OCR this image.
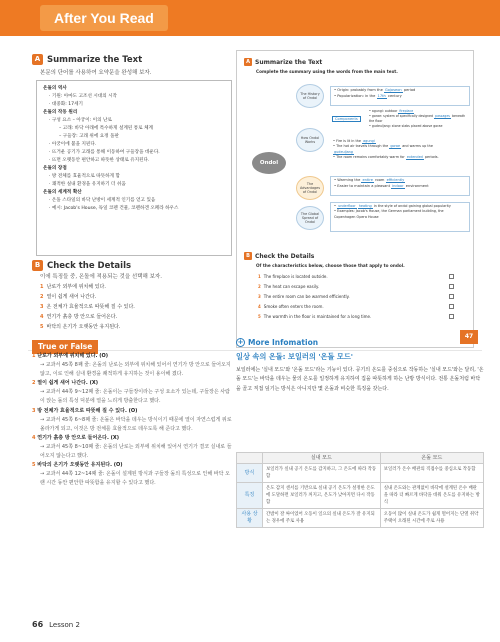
After You Read
A Summarize the Text
본문의 단어를 사용하여 요약문을 완성해 보자.
온돌의 역사
· 기원: 아마도 고조선 시대의 시작
· 대중화: 17세기
온돌의 작동 원리
· 구성 요소 – 아궁이: 이의 난로
– 고래: 바닥 아래에 특수하게 설계된 통로 체계
– 구들장: 고래 위에 요정 돌판
· 아궁이에 불을 지핀다.
· 뜨거운 공기가 고래를 통해 이동하여 구들장을 데운다.
· 뜨면 오랫동안 편안하고 따뜻한 상태로 유지된다.
온돌의 장점
· 방 전체를 효율적으로 따뜻하게 함
· 쾌적한 실내 환경을 유지하기 더 쉬움
온돌의 세계적 확산
· 온돌 스타일의 바닥 난방이 세계적 인기를 얻고 있음
· 예시: Jacob's House, 독일 코펜 건물, 코펜하겐 오페라 하우스
B Check the Details
이에 특징들 중, 온돌에 적용되는 것을 선택해 보자.
1 난로가 외부에 위치해 있다.
2 열이 쉽게 새어 나간다.
3 온 전체가 효율적으로 따뜻해 질 수 있다.
4 연기가 흙층 방 안으로 들어온다.
5 바닥의 온기가 오랫동안 유지된다.
A Summarize the Text
Complete the summary using the words from the main text.
Ondol
The History of Ondol
How Ondol Works
The Advantages of Ondol
The Global Spread of Ondol
• Origin: probably from the Gojoseon period
• Popularization: in the 17th century
Components
• agungi: outdoor fireplace
• gorae: system of specifically designed passages beneath the floor
• gudeuljang: stone slabs placed above gorae
• Fire is lit in the agungi
• The hot air travels through the gorae and warms up the
gudeuljang
• The room remains comfortably warm for extended periods.
• Warming the entire room efficiently
• Easier to maintain a pleasant indoor environment
• underfloor heating in the style of ondol gaining global popularity
• Examples: Jacob's House, the German parliament building, the Copenhagen Opera House
B Check the Details
Of the characteristics below, choose those that apply to ondol.
1 The fireplace is located outside.
2 The heat can escape easily.
3 The entire room can be warmed efficiently.
4 Smoke often enters the room.
5 The warmth in the floor is maintained for a long time.
47
True or False
1 난로가 외부에 위치해 있다. (O)
→ 교과서 45쪽 8째 줄: 온돌의 난로는 외부에 위치해 있어서 연기가 방 안으로 들어오지 않고, 이로 인해 실내 환경을 쾌적하게 유지하는 것이 용이해 졌다.
2 열이 쉽게 새어 나간다. (X)
→ 교과서 44쪽 9~12째 줄: 온돌이는 구들장이라는 구성 요소가 있는데, 구들장은 사람이 앉는 돌의 특성 덕분에 열을 느리게 방출한다고 했다.
3 방 전체가 효율적으로 따뜻해 질 수 있다. (O)
→ 교과서 45쪽 6~8째 줄: 온돌은 바닥을 데우는 방식이기 때문에 열이 자연스럽게 위로 올라가게 되고, 이것은 방 전체를 효율적으로 데우도록 해 준다고 했다.
4 연기가 흙층 방 안으로 들어온다. (X)
→ 교과서 45쪽 8~10째 줄: 온돌의 난로는 외부에 위치해 있어서 연기가 결코 실내로 들어오지 않는다고 했다.
5 바닥의 온기가 오랫동안 유지된다. (O)
→ 교과서 44쪽 12~14째 줄: 온돌이 설계된 방식과 구들장 돌의 특성으로 인해 바닥 오랜 시간 동안 편안한 따뜻함을 유지할 수 있다고 했다.
+ More Infomation
일상 속의 온돌: 보일러의 '온돌 모드'
보일러에는 '실내 모드'와 '온돌 모드'라는 기능이 있다. 공기의 온도를 중심으로 작동하는 '실내 모드'와는 달리, '온돌 모드'는 바닥을 데우는 물의 온도를 일정하게 유지하여 집을 따뜻하게 하는 난방 방식이다. 전통 온돌처럼 바닥을 골고 직접 덮기는 방식은 아니지만 몇 온돌과 비슷한 특징을 갖는다.
	실내 모드	온돌 모드
방식	보일러가 실내 공기 온도를 감지하고, 그 온도에 따라 작동함	보일러가 온수 배관의 직접수를 중심으로 작동함
특징	온도 감지 센서를 기반으로 실내 공기 온도가 설정한 온도에 도달하면 보일러가 꺼지고, 온도가 낮아지면 다시 작동함	실내 온도와는 관계없이 바닥에 설계된 온수 배관을 따라 더 빠르게 바닥을 데워 온도를 유지하는 방식
사용 상황	간밤이 잘 싸이었어 오동이 일요의 실내 온도가 잘 유지되는 경우에 주로 사용	오동이 많이 실내 온도가 쉽게 떨어지는 단열 취약 주택이 오래된 시간에 주로 사용
66 Lesson 2
